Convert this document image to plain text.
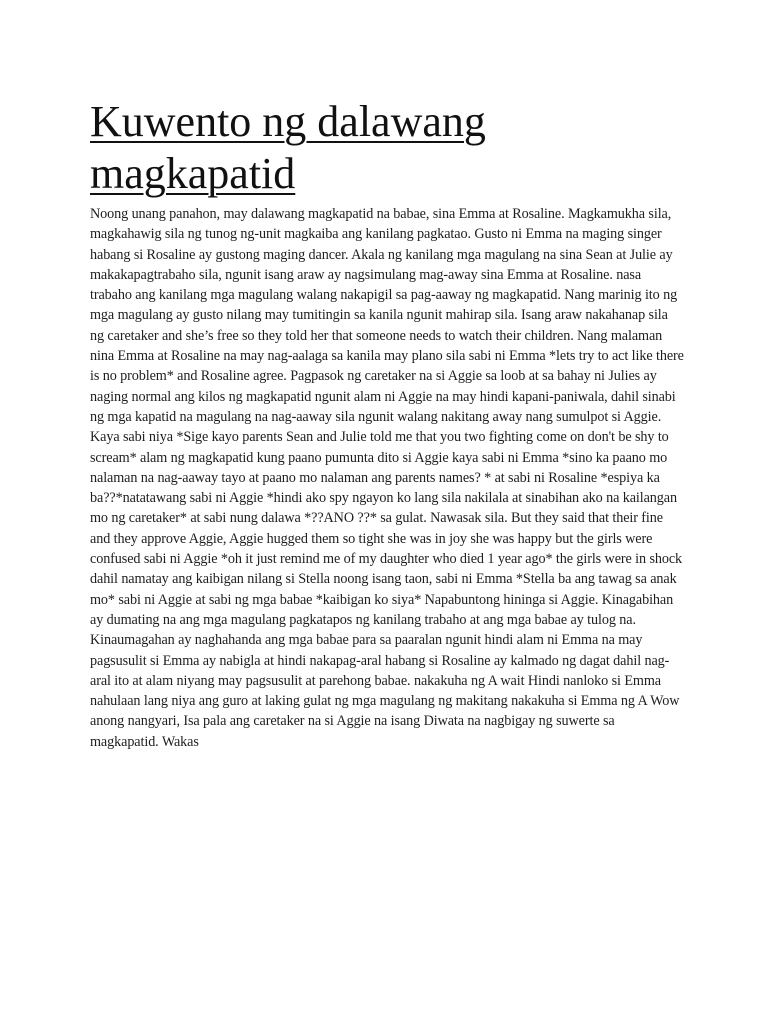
Kuwento ng dalawang magkapatid

Noong unang panahon, may dalawang magkapatid na babae, sina Emma at Rosaline. Magkamukha sila, magkahawig sila ng tunog ng-unit magkaiba ang kanilang pagkatao. Gusto ni Emma na maging singer habang si Rosaline ay gustong maging dancer. Akala ng kanilang mga magulang na sina Sean at Julie ay makakapagtrabaho sila, ngunit isang araw ay nagsimulang mag-away sina Emma at Rosaline. nasa trabaho ang kanilang mga magulang walang nakapigil sa pag-aaway ng magkapatid. Nang marinig ito ng mga magulang ay gusto nilang may tumitingin sa kanila ngunit mahirap sila. Isang araw nakahanap sila ng caretaker and she’s free so they told her that someone needs to watch their children. Nang malaman nina Emma at Rosaline na may nag-aalaga sa kanila may plano sila sabi ni Emma *lets try to act like there is no problem* and Rosaline agree. Pagpasok ng caretaker na si Aggie sa loob at sa bahay ni Julies ay naging normal ang kilos ng magkapatid ngunit alam ni Aggie na may hindi kapani-paniwala, dahil sinabi ng mga kapatid na magulang na nag-aaway sila ngunit walang nakitang away nang sumulpot si Aggie. Kaya sabi niya *Sige kayo parents Sean and Julie told me that you two fighting come on don't be shy to scream* alam ng magkapatid kung paano pumunta dito si Aggie kaya sabi ni Emma *sino ka paano mo nalaman na nag-aaway tayo at paano mo nalaman ang parents names? * at sabi ni Rosaline *espiya ka ba??*natatawang sabi ni Aggie *hindi ako spy ngayon ko lang sila nakilala at sinabihan ako na kailangan mo ng caretaker* at sabi nung dalawa *??ANO ??* sa gulat. Nawasak sila. But they said that their fine and they approve Aggie, Aggie hugged them so tight she was in joy she was happy but the girls were confused sabi ni Aggie *oh it just remind me of my daughter who died 1 year ago* the girls were in shock dahil namatay ang kaibigan nilang si Stella noong isang taon, sabi ni Emma *Stella ba ang tawag sa anak mo* sabi ni Aggie at sabi ng mga babae *kaibigan ko siya* Napabuntong hininga si Aggie. Kinagabihan ay dumating na ang mga magulang pagkatapos ng kanilang trabaho at ang mga babae ay tulog na. Kinaumagahan ay naghahanda ang mga babae para sa paaralan ngunit hindi alam ni Emma na may pagsusulit si Emma ay nabigla at hindi nakapag-aral habang si Rosaline ay kalmado ng dagat dahil nag-aral ito at alam niyang may pagsusulit at parehong babae. nakakuha ng A wait Hindi nanloko si Emma nahulaan lang niya ang guro at laking gulat ng mga magulang ng makitang nakakuha si Emma ng A Wow anong nangyari, Isa pala ang caretaker na si Aggie na isang Diwata na nagbigay ng suwerte sa magkapatid. Wakas
